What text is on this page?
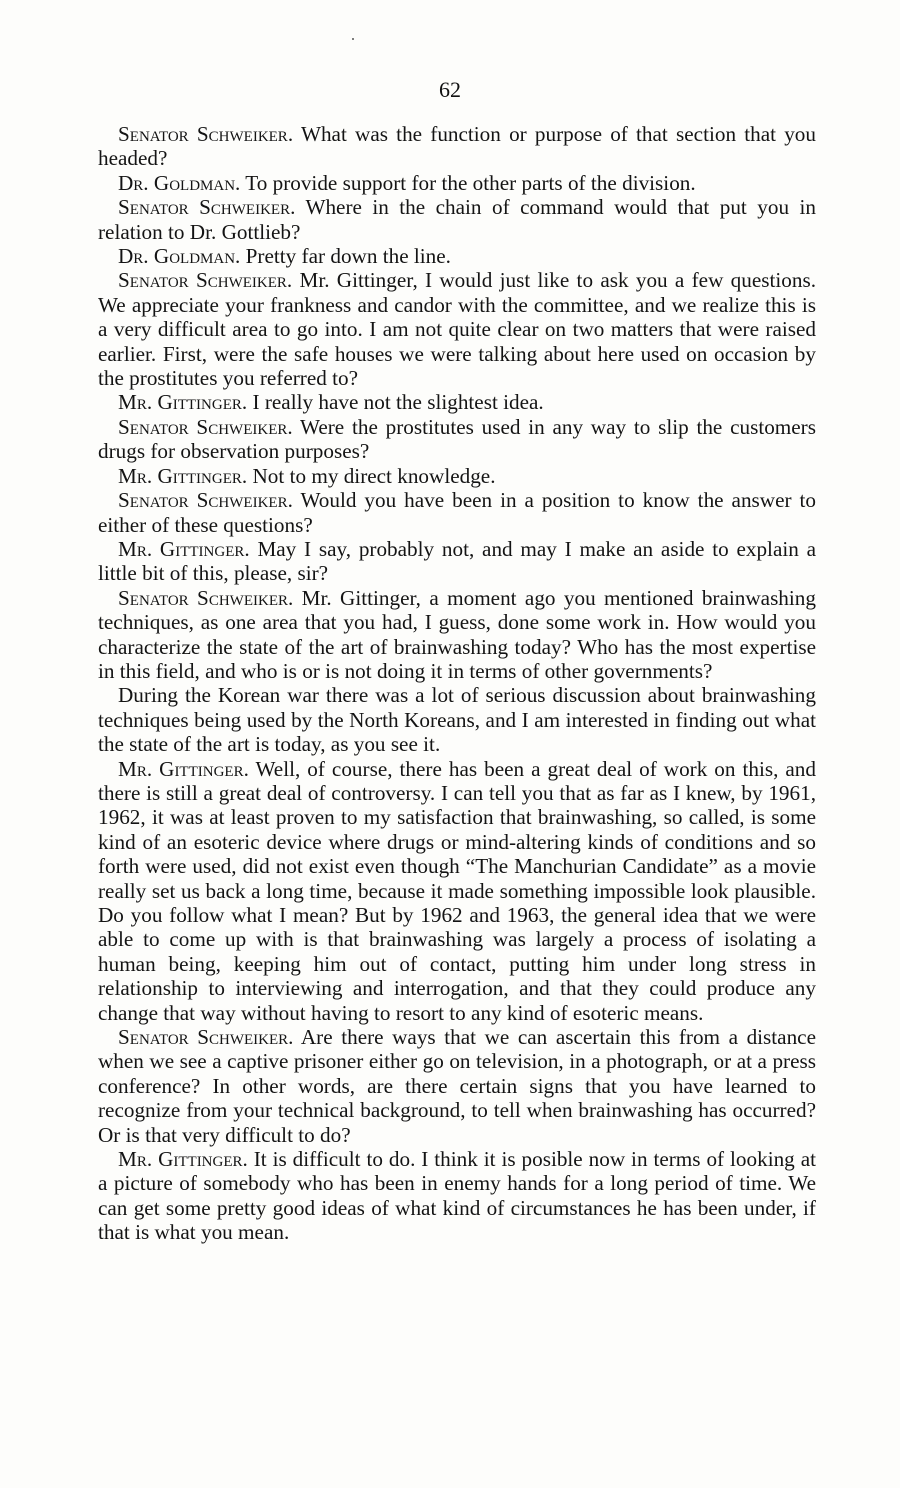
62

Senator Schweiker. What was the function or purpose of that section that you headed?

Dr. Goldman. To provide support for the other parts of the division.

Senator Schweiker. Where in the chain of command would that put you in relation to Dr. Gottlieb?

Dr. Goldman. Pretty far down the line.

Senator Schweiker. Mr. Gittinger, I would just like to ask you a few questions. We appreciate your frankness and candor with the committee, and we realize this is a very difficult area to go into. I am not quite clear on two matters that were raised earlier. First, were the safe houses we were talking about here used on occasion by the prostitutes you referred to?

Mr. Gittinger. I really have not the slightest idea.

Senator Schweiker. Were the prostitutes used in any way to slip the customers drugs for observation purposes?

Mr. Gittinger. Not to my direct knowledge.

Senator Schweiker. Would you have been in a position to know the answer to either of these questions?

Mr. Gittinger. May I say, probably not, and may I make an aside to explain a little bit of this, please, sir?

Senator Schweiker. Mr. Gittinger, a moment ago you mentioned brainwashing techniques, as one area that you had, I guess, done some work in. How would you characterize the state of the art of brainwashing today? Who has the most expertise in this field, and who is or is not doing it in terms of other governments?

During the Korean war there was a lot of serious discussion about brainwashing techniques being used by the North Koreans, and I am interested in finding out what the state of the art is today, as you see it.

Mr. Gittinger. Well, of course, there has been a great deal of work on this, and there is still a great deal of controversy. I can tell you that as far as I knew, by 1961, 1962, it was at least proven to my satisfaction that brainwashing, so called, is some kind of an esoteric device where drugs or mind-altering kinds of conditions and so forth were used, did not exist even though “The Manchurian Candidate” as a movie really set us back a long time, because it made something impossible look plausible. Do you follow what I mean? But by 1962 and 1963, the general idea that we were able to come up with is that brainwashing was largely a process of isolating a human being, keeping him out of contact, putting him under long stress in relationship to interviewing and interrogation, and that they could produce any change that way without having to resort to any kind of esoteric means.

Senator Schweiker. Are there ways that we can ascertain this from a distance when we see a captive prisoner either go on television, in a photograph, or at a press conference? In other words, are there certain signs that you have learned to recognize from your technical background, to tell when brainwashing has occurred? Or is that very difficult to do?

Mr. Gittinger. It is difficult to do. I think it is posible now in terms of looking at a picture of somebody who has been in enemy hands for a long period of time. We can get some pretty good ideas of what kind of circumstances he has been under, if that is what you mean.
